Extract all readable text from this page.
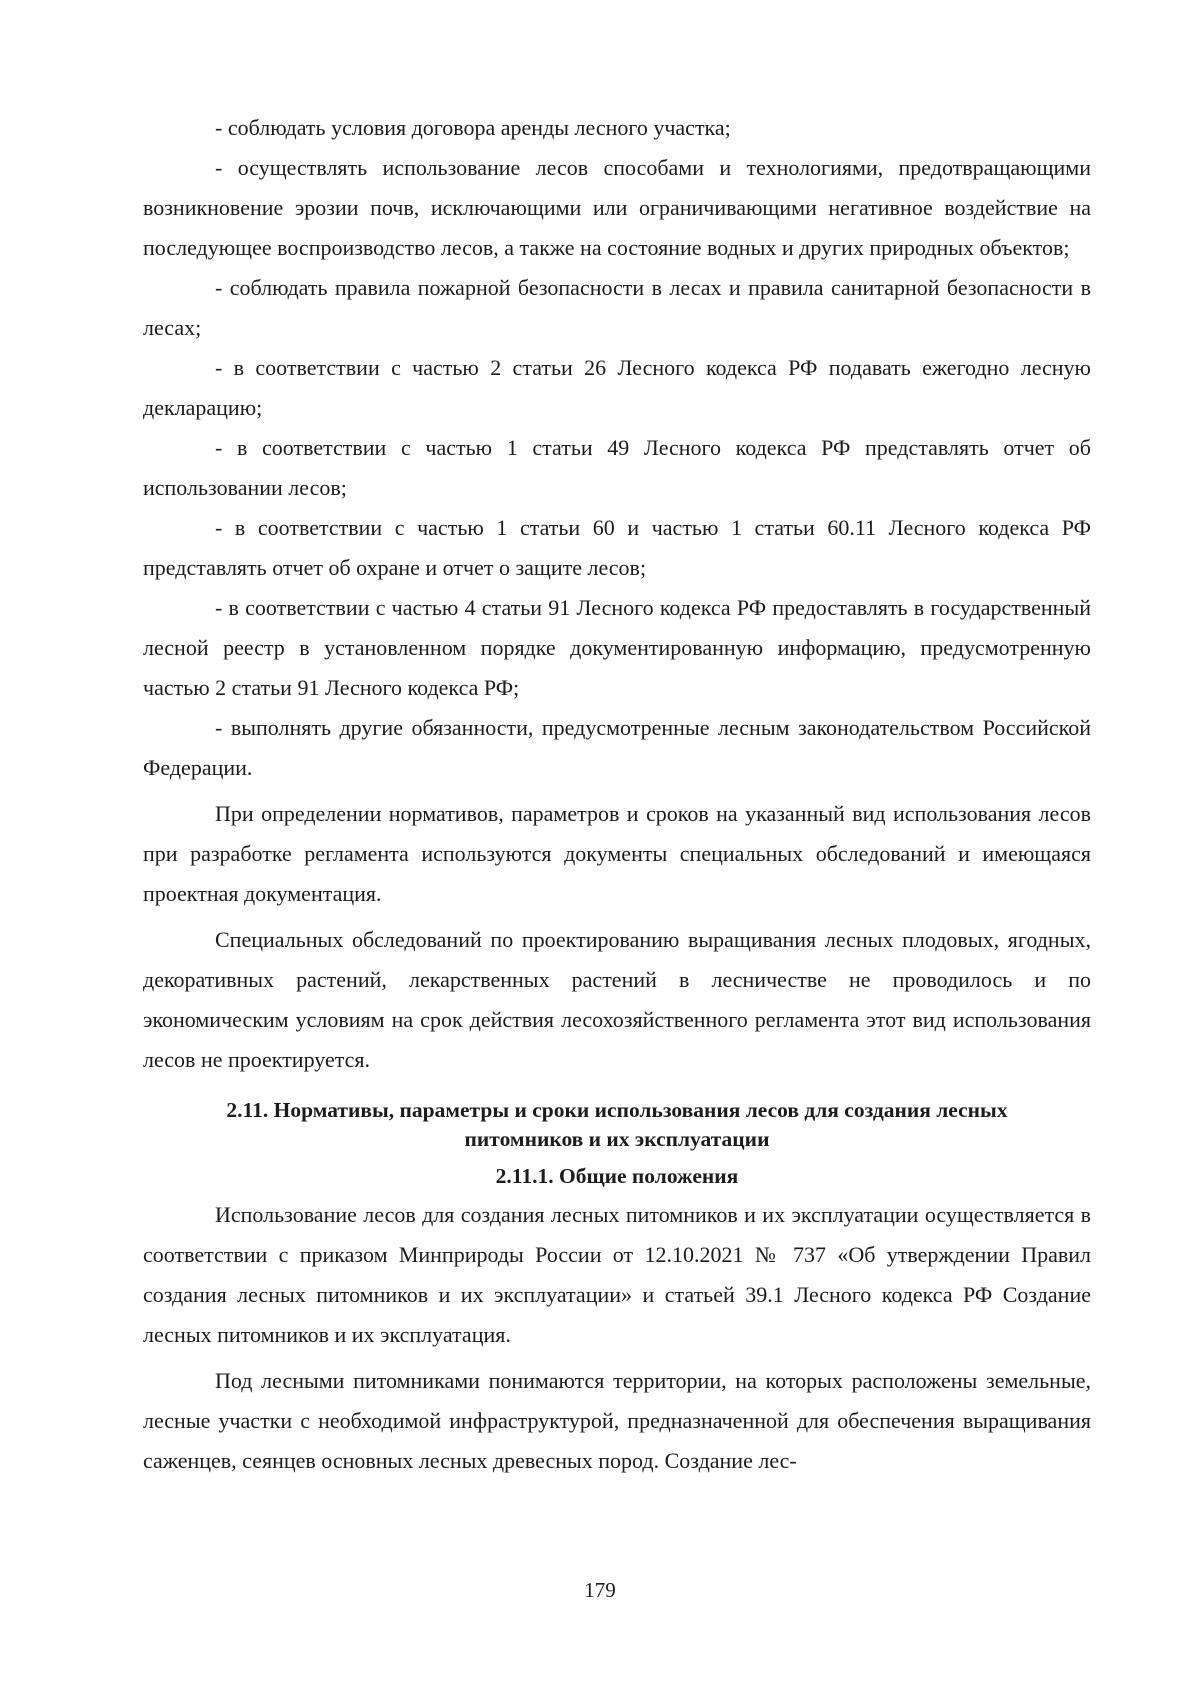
- соблюдать условия договора аренды лесного участка;

- осуществлять использование лесов способами и технологиями, предотвращающими возникновение эрозии почв, исключающими или ограничивающими негативное воздействие на последующее воспроизводство лесов, а также на состояние водных и других природных объектов;

- соблюдать правила пожарной безопасности в лесах и правила санитарной безопасности в лесах;

- в соответствии с частью 2 статьи 26 Лесного кодекса РФ подавать ежегодно лесную декларацию;

- в соответствии с частью 1 статьи 49 Лесного кодекса РФ представлять отчет об использовании лесов;

- в соответствии с частью 1 статьи 60 и частью 1 статьи 60.11 Лесного кодекса РФ представлять отчет об охране и отчет о защите лесов;

- в соответствии с частью 4 статьи 91 Лесного кодекса РФ предоставлять в государственный лесной реестр в установленном порядке документированную информацию, предусмотренную частью 2 статьи 91 Лесного кодекса РФ;

- выполнять другие обязанности, предусмотренные лесным законодательством Российской Федерации.

При определении нормативов, параметров и сроков на указанный вид использования лесов при разработке регламента используются документы специальных обследований и имеющаяся проектная документация.

Специальных обследований по проектированию выращивания лесных плодовых, ягодных, декоративных растений, лекарственных растений в лесничестве не проводилось и по экономическим условиям на срок действия лесохозяйственного регламента этот вид использования лесов не проектируется.

2.11. Нормативы, параметры и сроки использования лесов для создания лесных
питомников и их эксплуатации
2.11.1. Общие положения

Использование лесов для создания лесных питомников и их эксплуатации осуществляется в соответствии с приказом Минприроды России от 12.10.2021 № 737 «Об утверждении Правил создания лесных питомников и их эксплуатации» и статьей 39.1 Лесного кодекса РФ Создание лесных питомников и их эксплуатация.

Под лесными питомниками понимаются территории, на которых расположены земельные, лесные участки с необходимой инфраструктурой, предназначенной для обеспечения выращивания саженцев, сеянцев основных лесных древесных пород. Создание лес-

179
